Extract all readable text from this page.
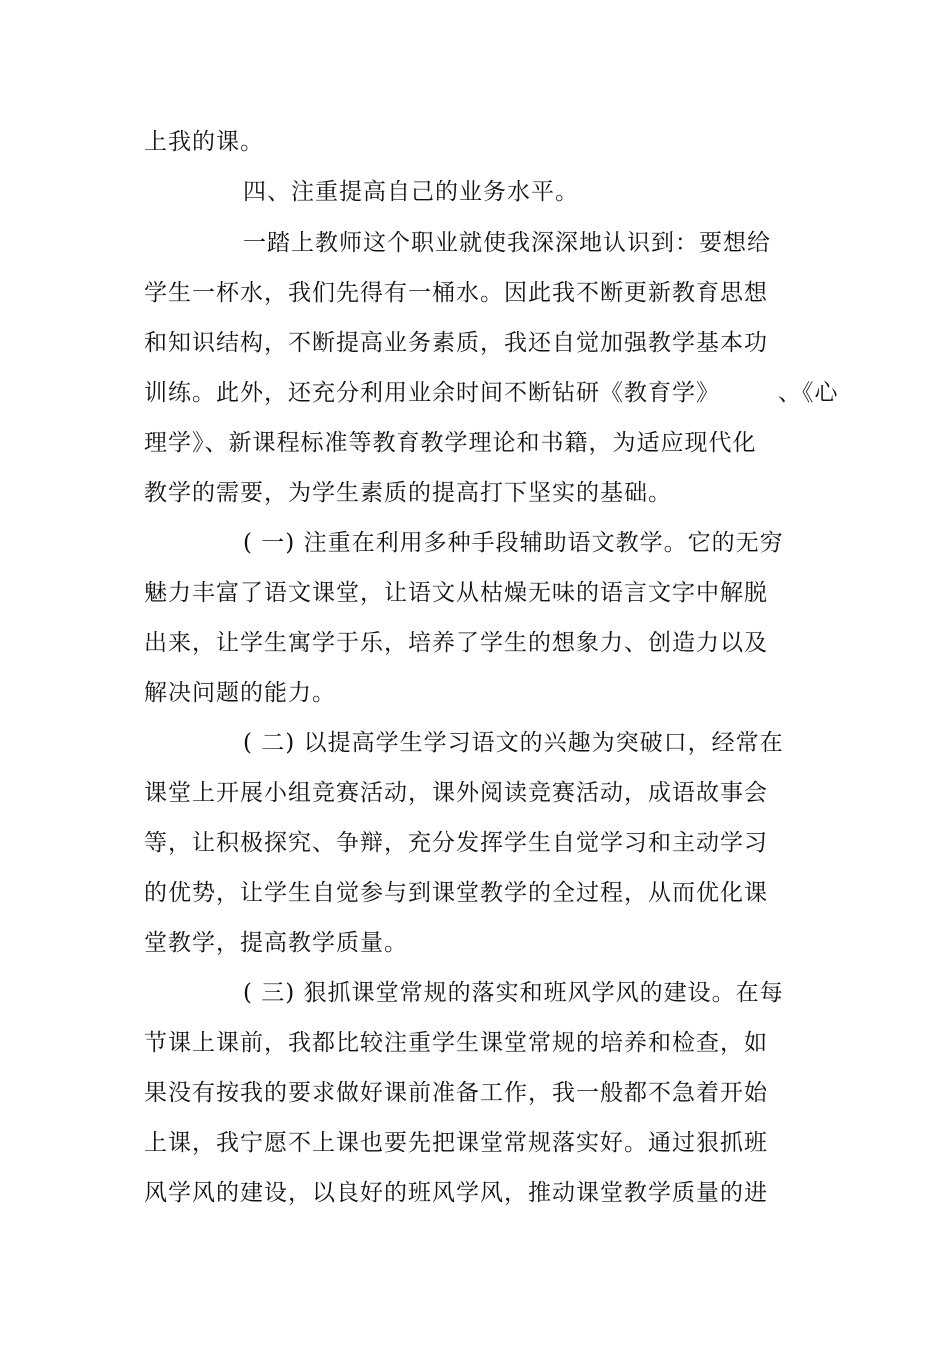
上我的课。
四、注重提高自己的业务水平。
一踏上教师这个职业就使我深深地认识到：要想给
学生一杯水，我们先得有一桶水。因此我不断更新教育思想
和知识结构，不断提高业务素质，我还自觉加强教学基本功
训练。此外，还充分利用业余时间不断钻研《教育学》	、《心
理学》、新课程标准等教育教学理论和书籍，为适应现代化
教学的需要，为学生素质的提高打下坚实的基础。
( 一) 注重在利用多种手段辅助语文教学。它的无穷
魅力丰富了语文课堂，让语文从枯燥无味的语言文字中解脱
出来，让学生寓学于乐，培养了学生的想象力、创造力以及
解决问题的能力。
( 二) 以提高学生学习语文的兴趣为突破口，经常在
课堂上开展小组竞赛活动，课外阅读竞赛活动，成语故事会
等，让积极探究、争辩，充分发挥学生自觉学习和主动学习
的优势，让学生自觉参与到课堂教学的全过程，从而优化课
堂教学，提高教学质量。
( 三) 狠抓课堂常规的落实和班风学风的建设。在每
节课上课前，我都比较注重学生课堂常规的培养和检查，如
果没有按我的要求做好课前准备工作，我一般都不急着开始
上课，我宁愿不上课也要先把课堂常规落实好。通过狠抓班
风学风的建设，以良好的班风学风，推动课堂教学质量的进
